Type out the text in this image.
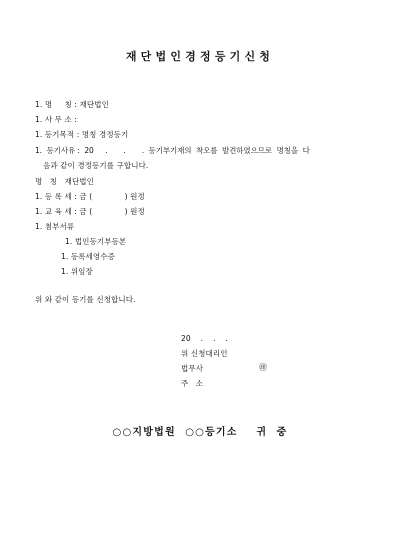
재단법인경정등기신청
1. 명     칭 : 재단법인
1. 사 무 소 :
1. 등기목적 : 명칭 경정등기
1.  등기사유 :  20     .       .       .  등기부기재의  착오를  발견하였으므로  명칭을  다
음과 같이 경정등기를 구합니다.
명   칭   재단법인
1. 등 록 세 : 금 (             ) 원정
1. 교 육 세 : 금 (             ) 원정
1. 첨부서류
1. 법인등기부등본
1. 등록세영수증
1. 위임장
위 와 같이 등기를 신청합니다.
20    .    .    .
위 신청대리인
법무사	㊞
주   소
○○지방법원  ○○등기소    귀  중
